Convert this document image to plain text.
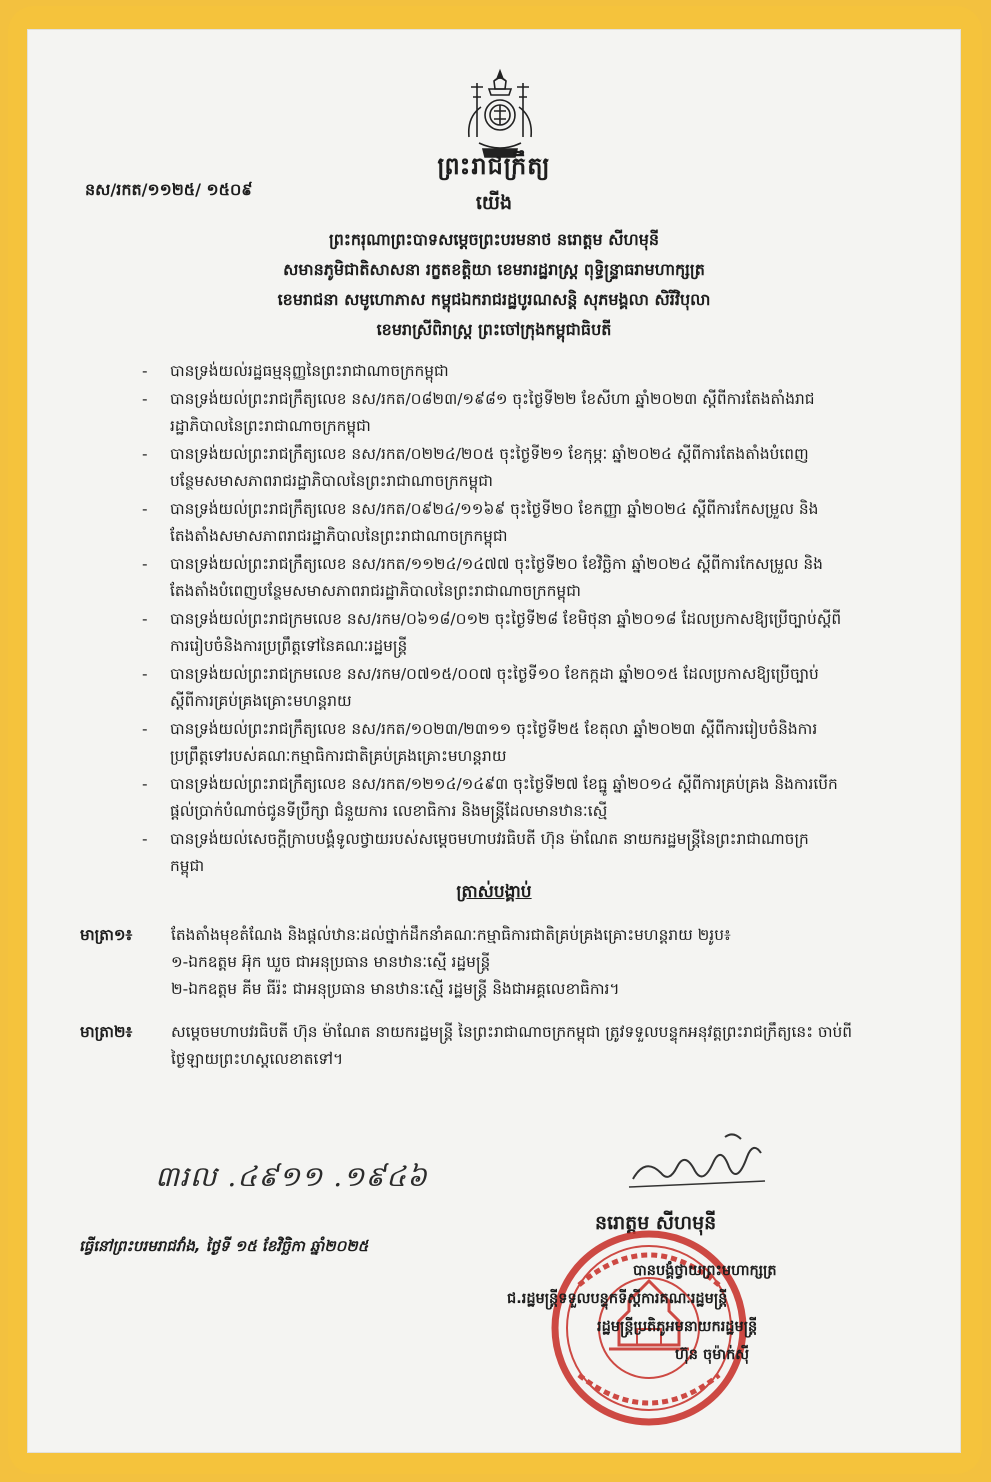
ព្រះរាជក្រឹត្យ
នស/រកត/១១២៥/ ១៥០៩
យើង
ព្រះករុណាព្រះបាទសម្តេចព្រះបរមនាថ នរោត្តម សីហមុនី
សមានភូមិជាតិសាសនា រក្ខតខត្តិយា ខេមរារដ្ឋរាស្ត្រ ពុទ្ធិន្ទ្រាធរាមហាក្សត្រ
ខេមរាជនា សមូហោភាស កម្ពុជឯករាជរដ្ឋបូរណសន្តិ សុភមង្គលា សិរីវិបុលា
ខេមរាស្រីពិរាស្ត្រ ព្រះចៅក្រុងកម្ពុជាធិបតី
-	បានទ្រង់យល់រដ្ឋធម្មនុញ្ញនៃព្រះរាជាណាចក្រកម្ពុជា
-	បានទ្រង់យល់ព្រះរាជក្រឹត្យលេខ នស/រកត/០៨២៣/១៩៨១ ចុះថ្ងៃទី២២ ខែសីហា ឆ្នាំ២០២៣ ស្តីពីការតែងតាំងរាជរដ្ឋាភិបាលនៃព្រះរាជាណាចក្រកម្ពុជា
-	បានទ្រង់យល់ព្រះរាជក្រឹត្យលេខ នស/រកត/០២២៤/២០៥ ចុះថ្ងៃទី២១ ខែកុម្ភៈ ឆ្នាំ២០២៤ ស្តីពីការតែងតាំងបំពេញបន្ថែមសមាសភាពរាជរដ្ឋាភិបាលនៃព្រះរាជាណាចក្រកម្ពុជា
-	បានទ្រង់យល់ព្រះរាជក្រឹត្យលេខ នស/រកត/០៩២៤/១១៦៩ ចុះថ្ងៃទី២០ ខែកញ្ញា ឆ្នាំ២០២៤ ស្តីពីការកែសម្រួល និងតែងតាំងសមាសភាពរាជរដ្ឋាភិបាលនៃព្រះរាជាណាចក្រកម្ពុជា
-	បានទ្រង់យល់ព្រះរាជក្រឹត្យលេខ នស/រកត/១១២៤/១៤៧៧ ចុះថ្ងៃទី២០ ខែវិច្ឆិកា ឆ្នាំ២០២៤ ស្តីពីការកែសម្រួល និងតែងតាំងបំពេញបន្ថែមសមាសភាពរាជរដ្ឋាភិបាលនៃព្រះរាជាណាចក្រកម្ពុជា
-	បានទ្រង់យល់ព្រះរាជក្រមលេខ នស/រកម/០៦១៨/០១២ ចុះថ្ងៃទី២៨ ខែមិថុនា ឆ្នាំ២០១៨ ដែលប្រកាសឱ្យប្រើច្បាប់ស្តីពីការរៀបចំនិងការប្រព្រឹត្តទៅនៃគណៈរដ្ឋមន្ត្រី
-	បានទ្រង់យល់ព្រះរាជក្រមលេខ នស/រកម/០៧១៥/០០៧ ចុះថ្ងៃទី១០ ខែកក្កដា ឆ្នាំ២០១៥ ដែលប្រកាសឱ្យប្រើច្បាប់ស្តីពីការគ្រប់គ្រងគ្រោះមហន្តរាយ
-	បានទ្រង់យល់ព្រះរាជក្រឹត្យលេខ នស/រកត/១០២៣/២៣១១ ចុះថ្ងៃទី២៥ ខែតុលា ឆ្នាំ២០២៣ ស្តីពីការរៀបចំនិងការប្រព្រឹត្តទៅរបស់គណៈកម្មាធិការជាតិគ្រប់គ្រងគ្រោះមហន្តរាយ
-	បានទ្រង់យល់ព្រះរាជក្រឹត្យលេខ នស/រកត/១២១៤/១៤៩៣ ចុះថ្ងៃទី២៧ ខែធ្នូ ឆ្នាំ២០១៤ ស្តីពីការគ្រប់គ្រង និងការបើកផ្តល់ប្រាក់បំណាច់ជូនទីប្រឹក្សា ជំនួយការ លេខាធិការ និងមន្ត្រីដែលមានឋានៈស្មើ
-	បានទ្រង់យល់សេចក្តីក្រាបបង្គំទូលថ្វាយរបស់សម្តេចមហាបវរធិបតី ហ៊ុន ម៉ាណែត នាយករដ្ឋមន្ត្រីនៃព្រះរាជាណាចក្រកម្ពុជា
ត្រាស់បង្គាប់
មាត្រា១៖	តែងតាំងមុខតំណែង និងផ្តល់ឋានៈដល់ថ្នាក់ដឹកនាំគណៈកម្មាធិការជាតិគ្រប់គ្រងគ្រោះមហន្តរាយ ២រូប៖
១-ឯកឧត្តម អ៊ុក ឃួច ជាអនុប្រធាន មានឋានៈស្មើ រដ្ឋមន្ត្រី
២-ឯកឧត្តម គីម ធីរ៉ះ ជាអនុប្រធាន មានឋានៈស្មើ រដ្ឋមន្ត្រី និងជាអគ្គលេខាធិការ។
មាត្រា២៖	សម្តេចមហាបវរធិបតី ហ៊ុន ម៉ាណែត នាយករដ្ឋមន្ត្រី នៃព្រះរាជាណាចក្រកម្ពុជា ត្រូវទទួលបន្ទុកអនុវត្តព្រះរាជក្រឹត្យនេះ ចាប់ពីថ្ងៃឡាយព្រះហស្តលេខាតទៅ។
៣រល .៤៩១១ .១៩៤៦
ធ្វើនៅព្រះបរមរាជវាំង, ថ្ងៃទី ១៥ ខែវិច្ឆិកា ឆ្នាំ២០២៥
នរោត្តម សីហមុនី
បានបង្គំថ្វាយព្រះមហាក្សត្រ
ជ.រដ្ឋមន្ត្រីទទួលបន្ទុកទីស្តីការគណៈរដ្ឋមន្ត្រី
រដ្ឋមន្ត្រីប្រតិភូអមនាយករដ្ឋមន្ត្រី
ហ៊ុន ចុម៉ាក់ស៊ី
